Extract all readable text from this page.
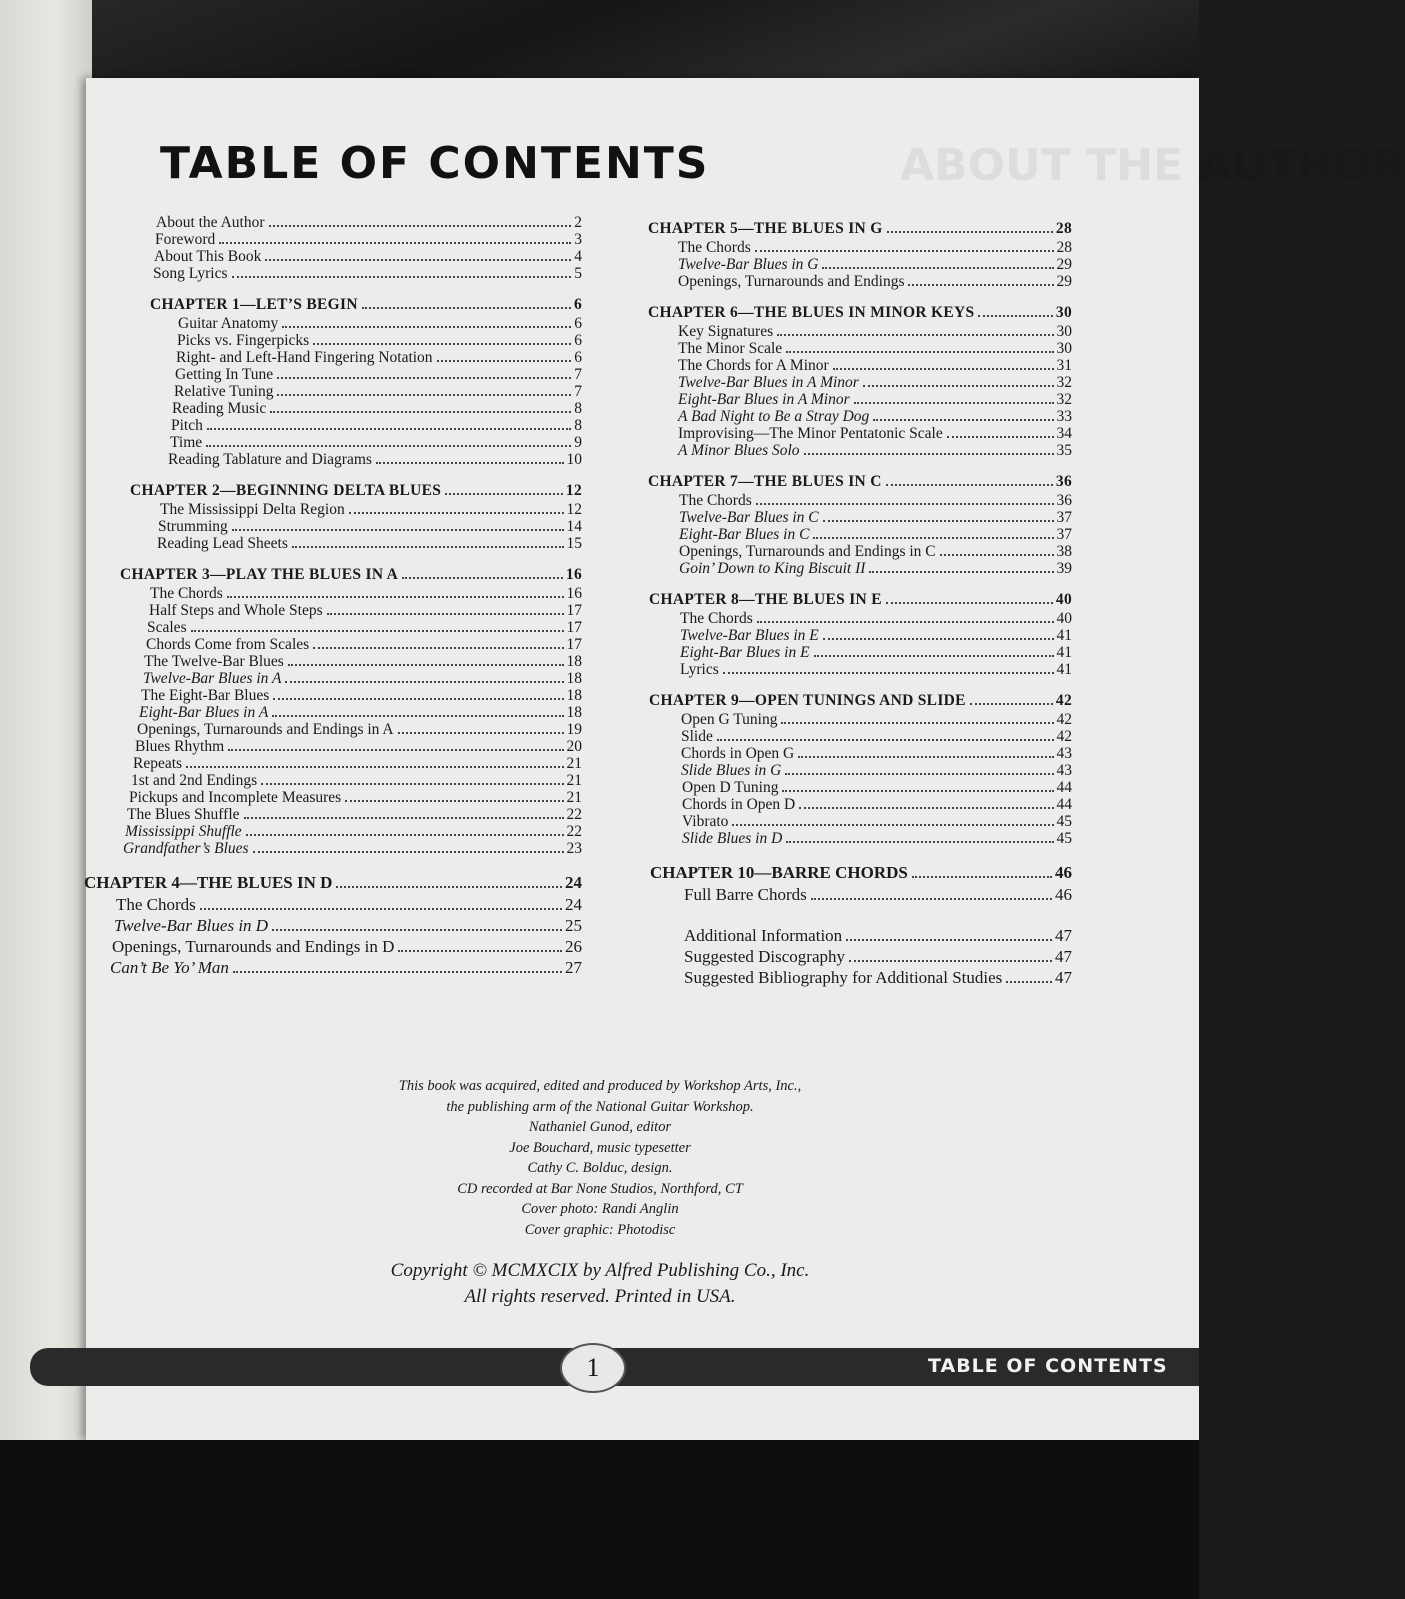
TABLE OF CONTENTS	ABOUT THE AUTHOR
About the Author	2
Foreword	3
About This Book	4
Song Lyrics	5
CHAPTER 1—LET’S BEGIN	6
Guitar Anatomy	6
Picks vs. Fingerpicks	6
Right- and Left-Hand Fingering Notation	6
Getting In Tune	7
Relative Tuning	7
Reading Music	8
Pitch	8
Time	9
Reading Tablature and Diagrams	10
CHAPTER 2—BEGINNING DELTA BLUES	12
The Mississippi Delta Region	12
Strumming	14
Reading Lead Sheets	15
CHAPTER 3—PLAY THE BLUES IN A	16
The Chords	16
Half Steps and Whole Steps	17
Scales	17
Chords Come from Scales	17
The Twelve-Bar Blues	18
Twelve-Bar Blues in A	18
The Eight-Bar Blues	18
Eight-Bar Blues in A	18
Openings, Turnarounds and Endings in A	19
Blues Rhythm	20
Repeats	21
1st and 2nd Endings	21
Pickups and Incomplete Measures	21
The Blues Shuffle	22
Mississippi Shuffle	22
Grandfather’s Blues	23
CHAPTER 4—THE BLUES IN D	24
The Chords	24
Twelve-Bar Blues in D	25
Openings, Turnarounds and Endings in D	26
Can’t Be Yo’ Man	27
CHAPTER 5—THE BLUES IN G	28
The Chords	28
Twelve-Bar Blues in G	29
Openings, Turnarounds and Endings	29
CHAPTER 6—THE BLUES IN MINOR KEYS	30
Key Signatures	30
The Minor Scale	30
The Chords for A Minor	31
Twelve-Bar Blues in A Minor	32
Eight-Bar Blues in A Minor	32
A Bad Night to Be a Stray Dog	33
Improvising—The Minor Pentatonic Scale	34
A Minor Blues Solo	35
CHAPTER 7—THE BLUES IN C	36
The Chords	36
Twelve-Bar Blues in C	37
Eight-Bar Blues in C	37
Openings, Turnarounds and Endings in C	38
Goin’ Down to King Biscuit II	39
CHAPTER 8—THE BLUES IN E	40
The Chords	40
Twelve-Bar Blues in E	41
Eight-Bar Blues in E	41
Lyrics	41
CHAPTER 9—OPEN TUNINGS AND SLIDE	42
Open G Tuning	42
Slide	42
Chords in Open G	43
Slide Blues in G	43
Open D Tuning	44
Chords in Open D	44
Vibrato	45
Slide Blues in D	45
CHAPTER 10—BARRE CHORDS	46
Full Barre Chords	46
Additional Information	47
Suggested Discography	47
Suggested Bibliography for Additional Studies	47
This book was acquired, edited and produced by Workshop Arts, Inc.,
the publishing arm of the National Guitar Workshop.
Nathaniel Gunod, editor
Joe Bouchard, music typesetter
Cathy C. Bolduc, design.
CD recorded at Bar None Studios, Northford, CT
Cover photo: Randi Anglin
Cover graphic: Photodisc
Copyright © MCMXCIX by Alfred Publishing Co., Inc.
All rights reserved. Printed in USA.
1	TABLE OF CONTENTS
